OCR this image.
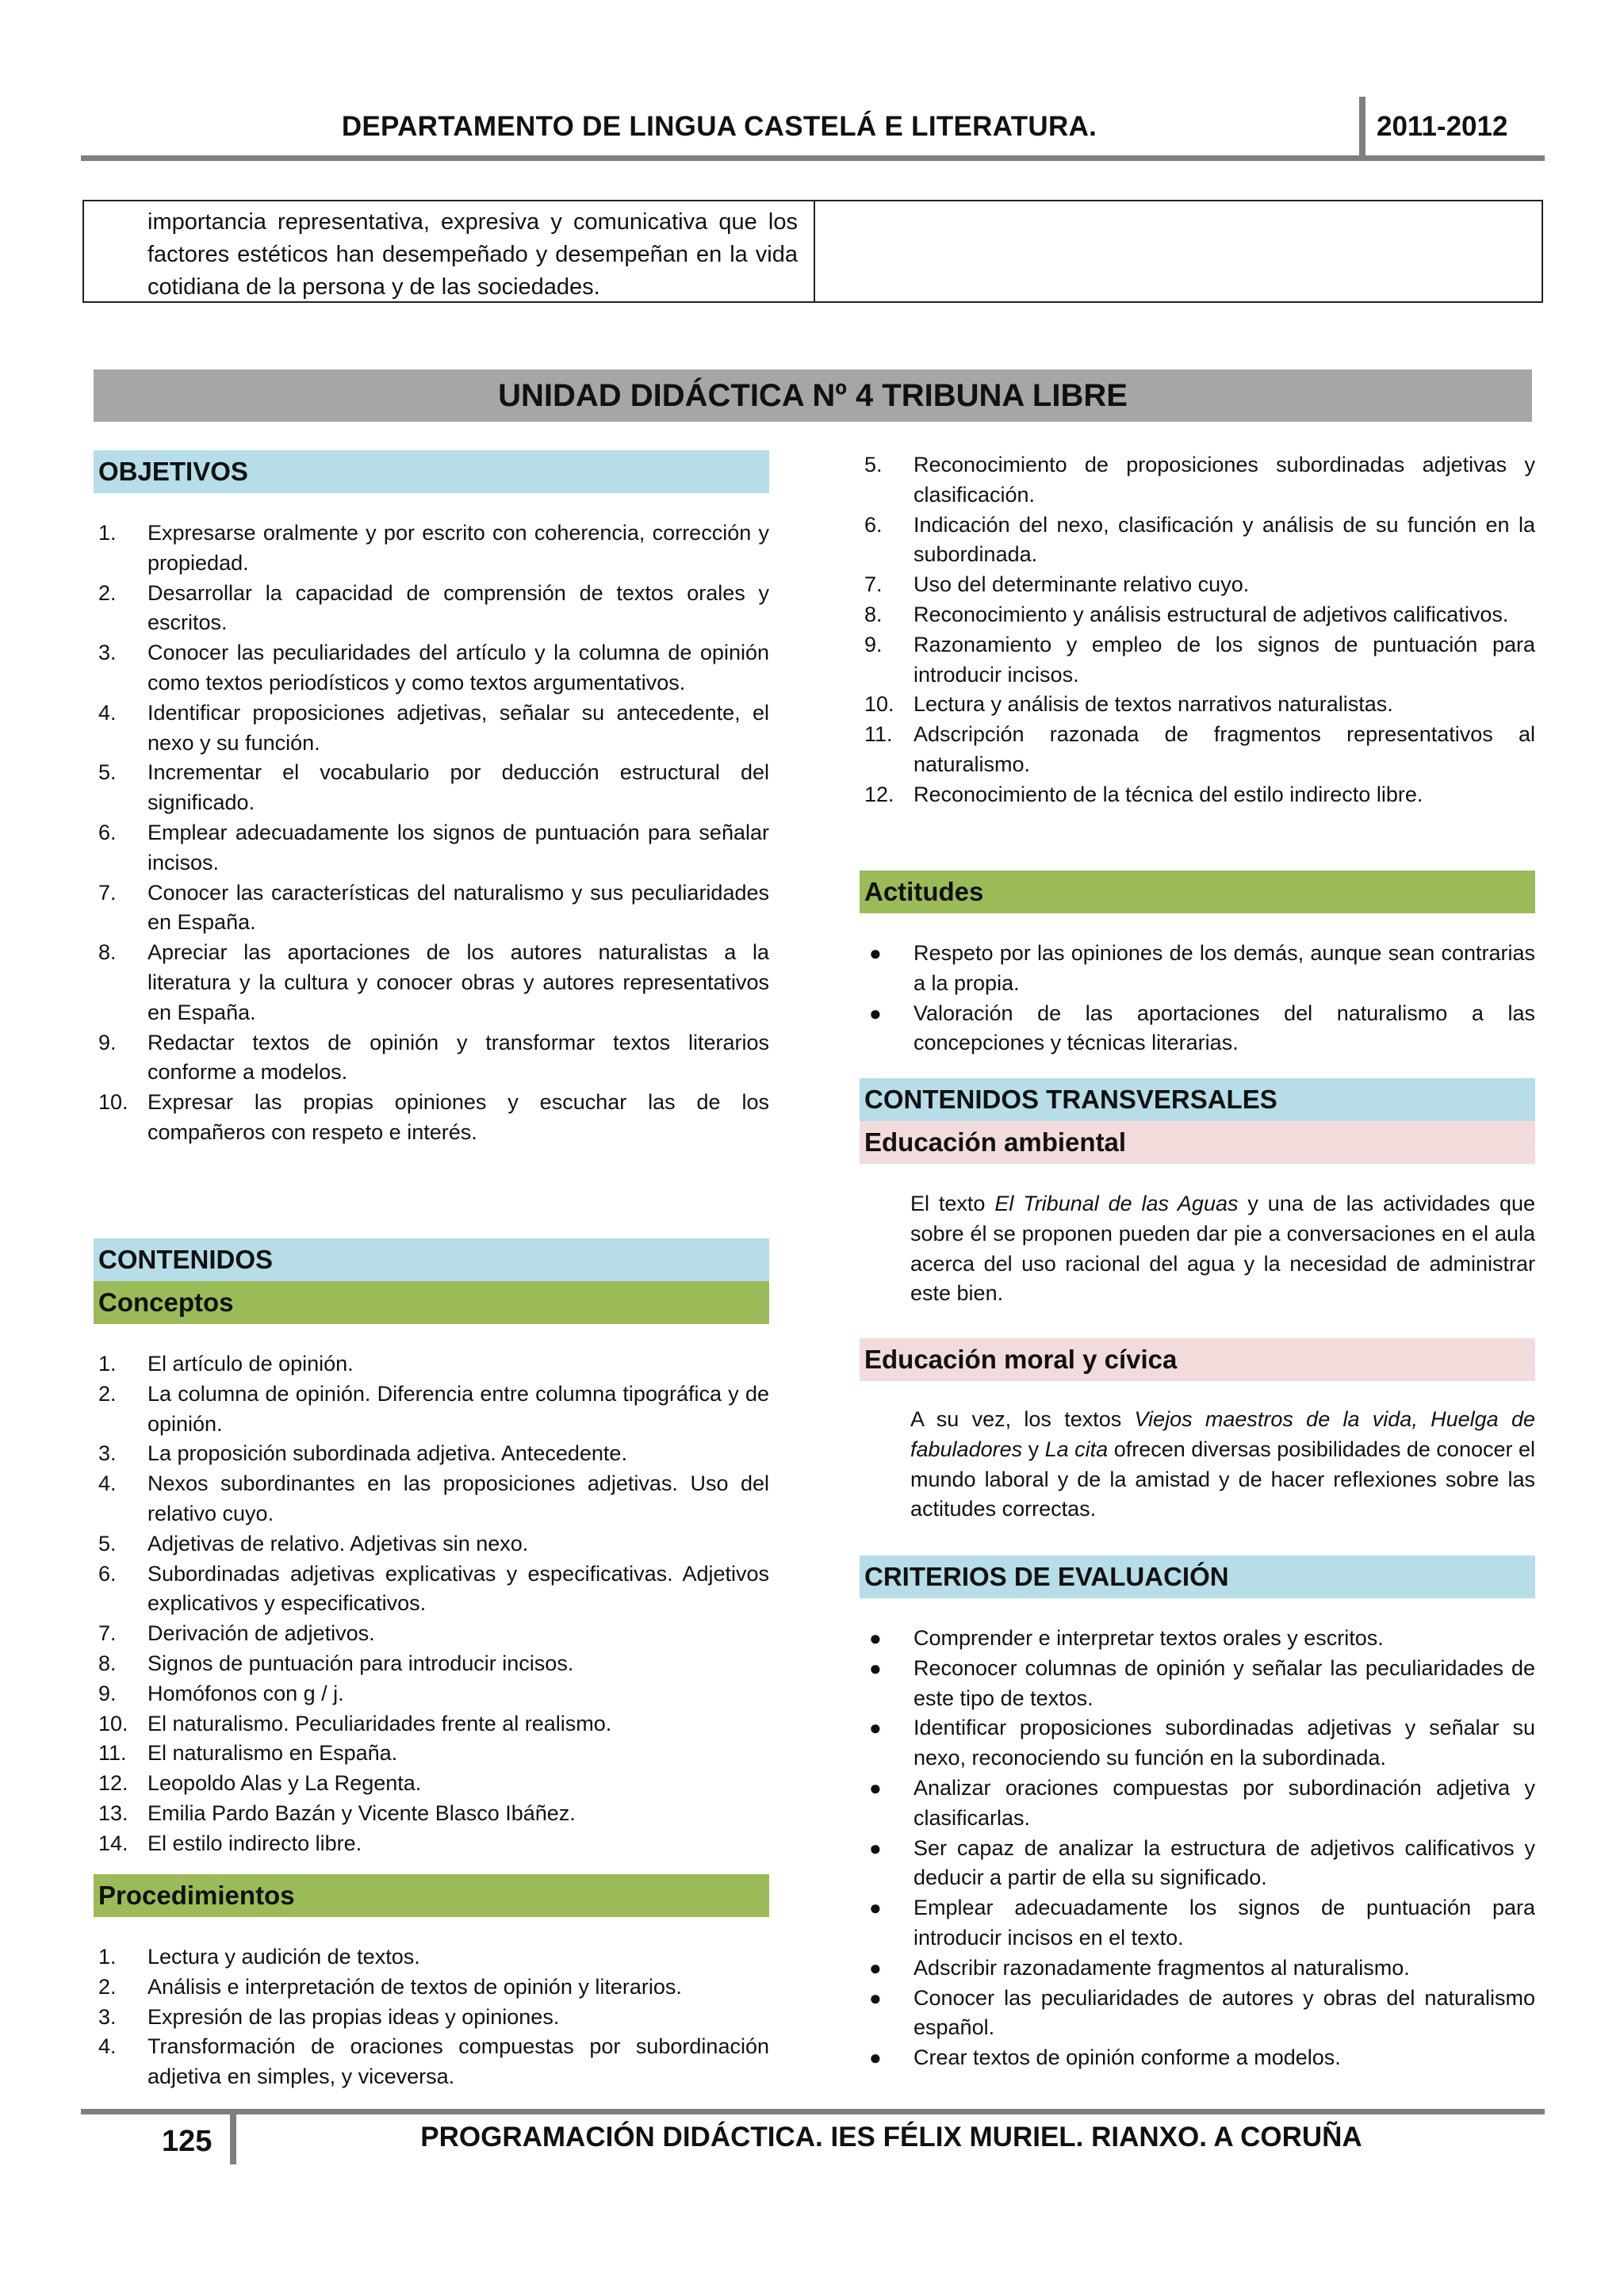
DEPARTAMENTO DE LINGUA CASTELÁ E LITERATURA.	2011-2012
importancia representativa, expresiva y comunicativa que los factores estéticos han desempeñado y desempeñan en la vida cotidiana de la persona y de las sociedades.
UNIDAD DIDÁCTICA Nº 4 TRIBUNA LIBRE
OBJETIVOS
1. Expresarse oralmente y por escrito con coherencia, corrección y propiedad.
2. Desarrollar la capacidad de comprensión de textos orales y escritos.
3. Conocer las peculiaridades del artículo y la columna de opinión como textos periodísticos y como textos argumentativos.
4. Identificar proposiciones adjetivas, señalar su antecedente, el nexo y su función.
5. Incrementar el vocabulario por deducción estructural del significado.
6. Emplear adecuadamente los signos de puntuación para señalar incisos.
7. Conocer las características del naturalismo y sus peculiaridades en España.
8. Apreciar las aportaciones de los autores naturalistas a la literatura y la cultura y conocer obras y autores representativos en España.
9. Redactar textos de opinión y transformar textos literarios conforme a modelos.
10. Expresar las propias opiniones y escuchar las de los compañeros con respeto e interés.
CONTENIDOS
Conceptos
1. El artículo de opinión.
2. La columna de opinión. Diferencia entre columna tipográfica y de opinión.
3. La proposición subordinada adjetiva. Antecedente.
4. Nexos subordinantes en las proposiciones adjetivas. Uso del relativo cuyo.
5. Adjetivas de relativo. Adjetivas sin nexo.
6. Subordinadas adjetivas explicativas y especificativas. Adjetivos explicativos y especificativos.
7. Derivación de adjetivos.
8. Signos de puntuación para introducir incisos.
9. Homófonos con g / j.
10. El naturalismo. Peculiaridades frente al realismo.
11. El naturalismo en España.
12. Leopoldo Alas y La Regenta.
13. Emilia Pardo Bazán y Vicente Blasco Ibáñez.
14. El estilo indirecto libre.
Procedimientos
1. Lectura y audición de textos.
2. Análisis e interpretación de textos de opinión y literarios.
3. Expresión de las propias ideas y opiniones.
4. Transformación de oraciones compuestas por subordinación adjetiva en simples, y viceversa.
5. Reconocimiento de proposiciones subordinadas adjetivas y clasificación.
6. Indicación del nexo, clasificación y análisis de su función en la subordinada.
7. Uso del determinante relativo cuyo.
8. Reconocimiento y análisis estructural de adjetivos calificativos.
9. Razonamiento y empleo de los signos de puntuación para introducir incisos.
10. Lectura y análisis de textos narrativos naturalistas.
11. Adscripción razonada de fragmentos representativos al naturalismo.
12. Reconocimiento de la técnica del estilo indirecto libre.
Actitudes
● Respeto por las opiniones de los demás, aunque sean contrarias a la propia.
● Valoración de las aportaciones del naturalismo a las concepciones y técnicas literarias.
CONTENIDOS TRANSVERSALES
Educación ambiental
El texto El Tribunal de las Aguas y una de las actividades que sobre él se proponen pueden dar pie a conversaciones en el aula acerca del uso racional del agua y la necesidad de administrar este bien.
Educación moral y cívica
A su vez, los textos Viejos maestros de la vida, Huelga de fabuladores y La cita ofrecen diversas posibilidades de conocer el mundo laboral y de la amistad y de hacer reflexiones sobre las actitudes correctas.
CRITERIOS DE EVALUACIÓN
● Comprender e interpretar textos orales y escritos.
● Reconocer columnas de opinión y señalar las peculiaridades de este tipo de textos.
● Identificar proposiciones subordinadas adjetivas y señalar su nexo, reconociendo su función en la subordinada.
● Analizar oraciones compuestas por subordinación adjetiva y clasificarlas.
● Ser capaz de analizar la estructura de adjetivos calificativos y deducir a partir de ella su significado.
● Emplear adecuadamente los signos de puntuación para introducir incisos en el texto.
● Adscribir razonadamente fragmentos al naturalismo.
● Conocer las peculiaridades de autores y obras del naturalismo español.
● Crear textos de opinión conforme a modelos.
125	PROGRAMACIÓN DIDÁCTICA. IES FÉLIX MURIEL. RIANXO. A CORUÑA
